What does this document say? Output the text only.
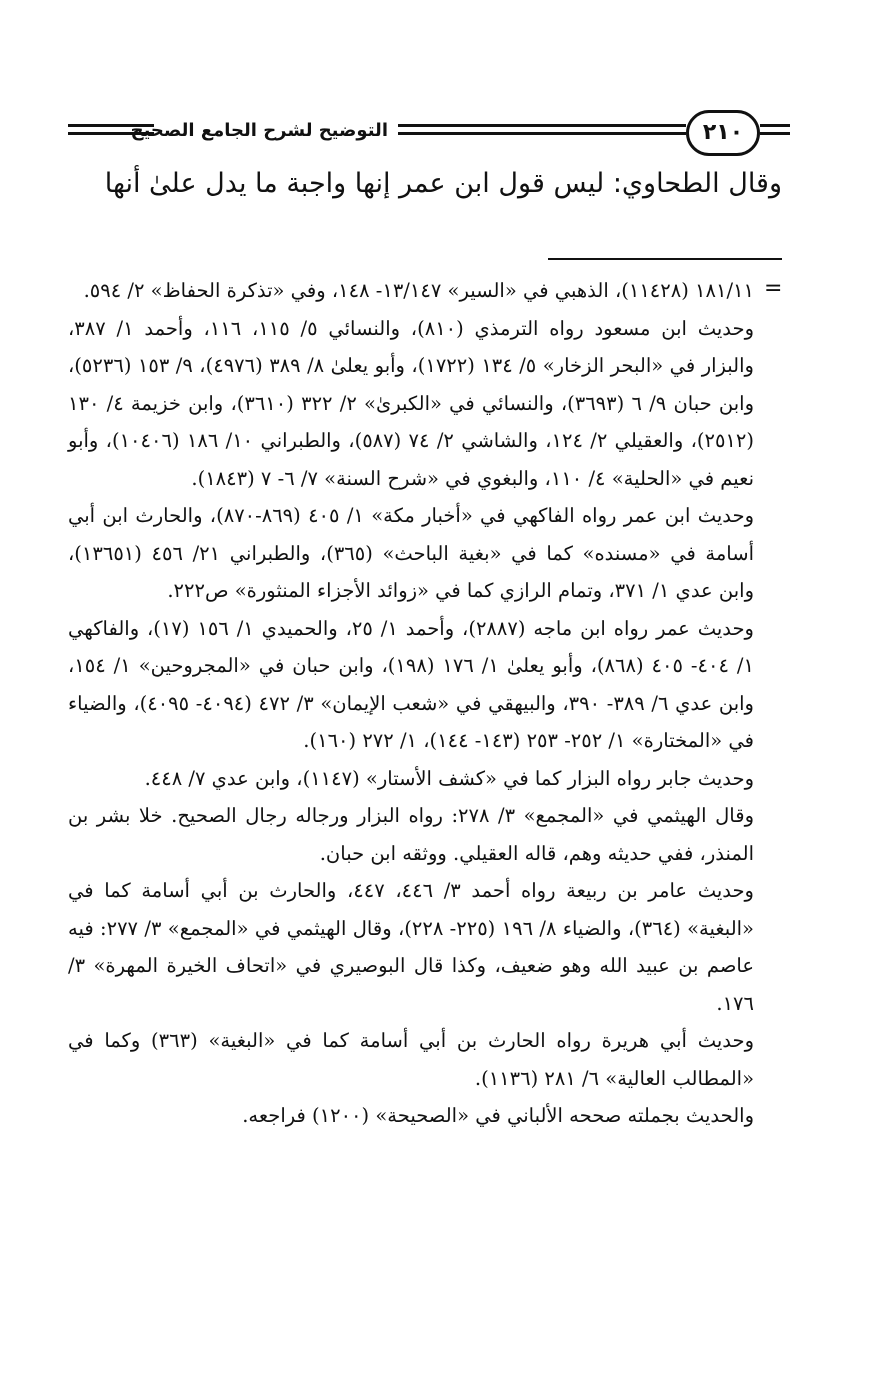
التوضيح لشرح الجامع الصحيح	٢١٠
وقال الطحاوي: ليس قول ابن عمر إنها واجبة ما يدل علىٰ أنها
=

١٨١/١١ (١١٤٢٨)، الذهبي في «السير» ١٣/١٤٧- ١٤٨، وفي «تذكرة الحفاظ» ٢/ ٥٩٤.

وحديث ابن مسعود رواه الترمذي (٨١٠)، والنسائي ٥/ ١١٥، ١١٦، وأحمد ١/ ٣٨٧، والبزار في «البحر الزخار» ٥/ ١٣٤ (١٧٢٢)، وأبو يعلىٰ ٨/ ٣٨٩ (٤٩٧٦)، ٩/ ١٥٣ (٥٢٣٦)، وابن حبان ٩/ ٦ (٣٦٩٣)، والنسائي في «الكبرىٰ» ٢/ ٣٢٢ (٣٦١٠)، وابن خزيمة ٤/ ١٣٠ (٢٥١٢)، والعقيلي ٢/ ١٢٤، والشاشي ٢/ ٧٤ (٥٨٧)، والطبراني ١٠/ ١٨٦ (١٠٤٠٦)، وأبو نعيم في «الحلية» ٤/ ١١٠، والبغوي في «شرح السنة» ٧/ ٦- ٧ (١٨٤٣).

وحديث ابن عمر رواه الفاكهي في «أخبار مكة» ١/ ٤٠٥ (٨٦٩-٨٧٠)، والحارث ابن أبي أسامة في «مسنده» كما في «بغية الباحث» (٣٦٥)، والطبراني ٢١/ ٤٥٦ (١٣٦٥١)، وابن عدي ١/ ٣٧١، وتمام الرازي كما في «زوائد الأجزاء المنثورة» ص٢٢٢.

وحديث عمر رواه ابن ماجه (٢٨٨٧)، وأحمد ١/ ٢٥، والحميدي ١/ ١٥٦ (١٧)، والفاكهي ١/ ٤٠٤- ٤٠٥ (٨٦٨)، وأبو يعلىٰ ١/ ١٧٦ (١٩٨)، وابن حبان في «المجروحين» ١/ ١٥٤، وابن عدي ٦/ ٣٨٩- ٣٩٠، والبيهقي في «شعب الإيمان» ٣/ ٤٧٢ (٤٠٩٤- ٤٠٩٥)، والضياء في «المختارة» ١/ ٢٥٢- ٢٥٣ (١٤٣- ١٤٤)، ١/ ٢٧٢ (١٦٠).

وحديث جابر رواه البزار كما في «كشف الأستار» (١١٤٧)، وابن عدي ٧/ ٤٤٨.

وقال الهيثمي في «المجمع» ٣/ ٢٧٨: رواه البزار ورجاله رجال الصحيح. خلا بشر بن المنذر، ففي حديثه وهم، قاله العقيلي. ووثقه ابن حبان.

وحديث عامر بن ربيعة رواه أحمد ٣/ ٤٤٦، ٤٤٧، والحارث بن أبي أسامة كما في «البغية» (٣٦٤)، والضياء ٨/ ١٩٦ (٢٢٥- ٢٢٨)، وقال الهيثمي في «المجمع» ٣/ ٢٧٧: فيه عاصم بن عبيد الله وهو ضعيف، وكذا قال البوصيري في «اتحاف الخيرة المهرة» ٣/ ١٧٦.

وحديث أبي هريرة رواه الحارث بن أبي أسامة كما في «البغية» (٣٦٣) وكما في «المطالب العالية» ٦/ ٢٨١ (١١٣٦).

والحديث بجملته صححه الألباني في «الصحيحة» (١٢٠٠) فراجعه.
